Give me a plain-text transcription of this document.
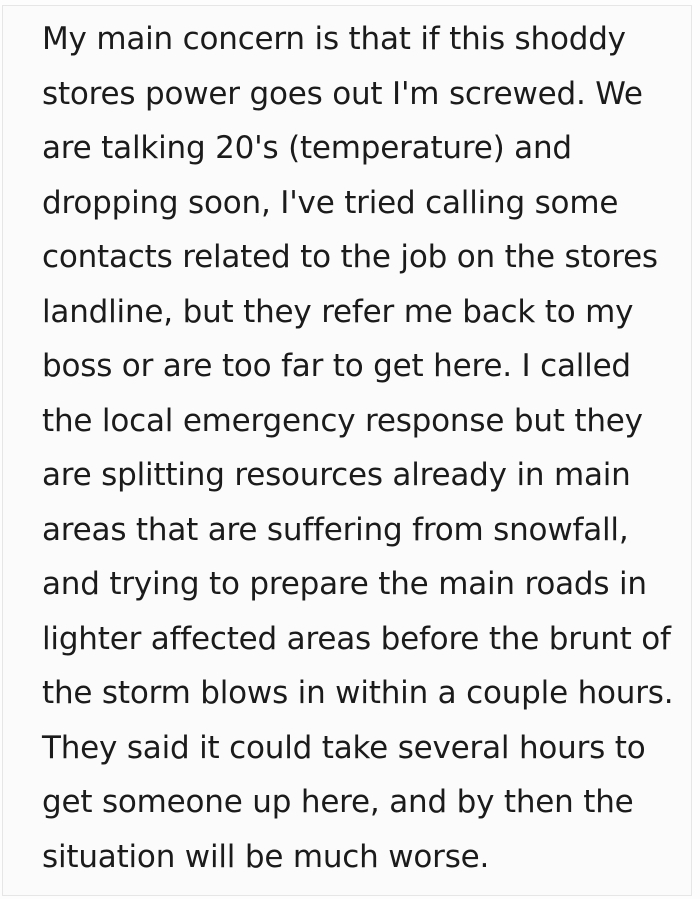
My main concern is that if this shoddy
stores power goes out I'm screwed. We
are talking 20's (temperature) and
dropping soon, I've tried calling some
contacts related to the job on the stores
landline, but they refer me back to my
boss or are too far to get here. I called
the local emergency response but they
are splitting resources already in main
areas that are suffering from snowfall,
and trying to prepare the main roads in
lighter affected areas before the brunt of
the storm blows in within a couple hours.
They said it could take several hours to
get someone up here, and by then the
situation will be much worse.
